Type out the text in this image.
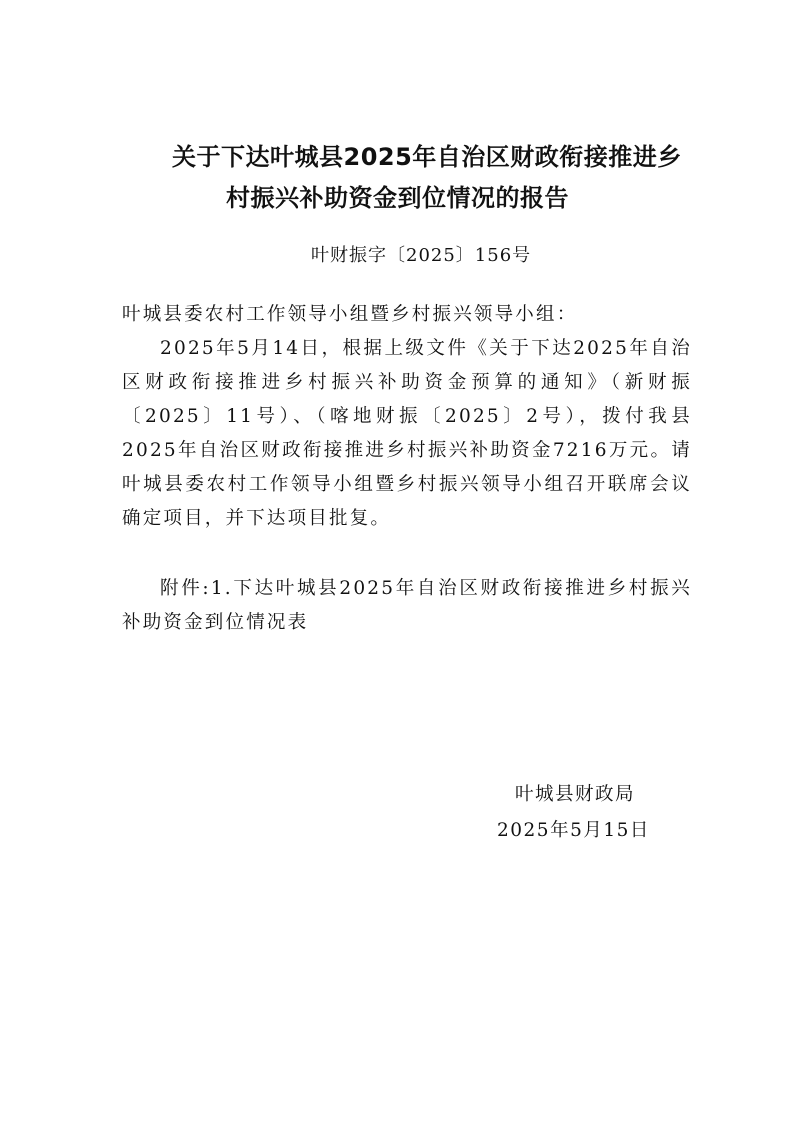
关于下达叶城县2025年自治区财政衔接推进乡
村振兴补助资金到位情况的报告
叶财振字〔2025〕156号
叶城县委农村工作领导小组暨乡村振兴领导小组：
2025年5月14日，根据上级文件《关于下达2025年自治区财政衔接推进乡村振兴补助资金预算的通知》（新财振〔2025〕11号）、（喀地财振〔2025〕2号），拨付我县2025年自治区财政衔接推进乡村振兴补助资金7216万元。请叶城县委农村工作领导小组暨乡村振兴领导小组召开联席会议确定项目，并下达项目批复。
附件:1.下达叶城县2025年自治区财政衔接推进乡村振兴补助资金到位情况表
叶城县财政局
2025年5月15日
